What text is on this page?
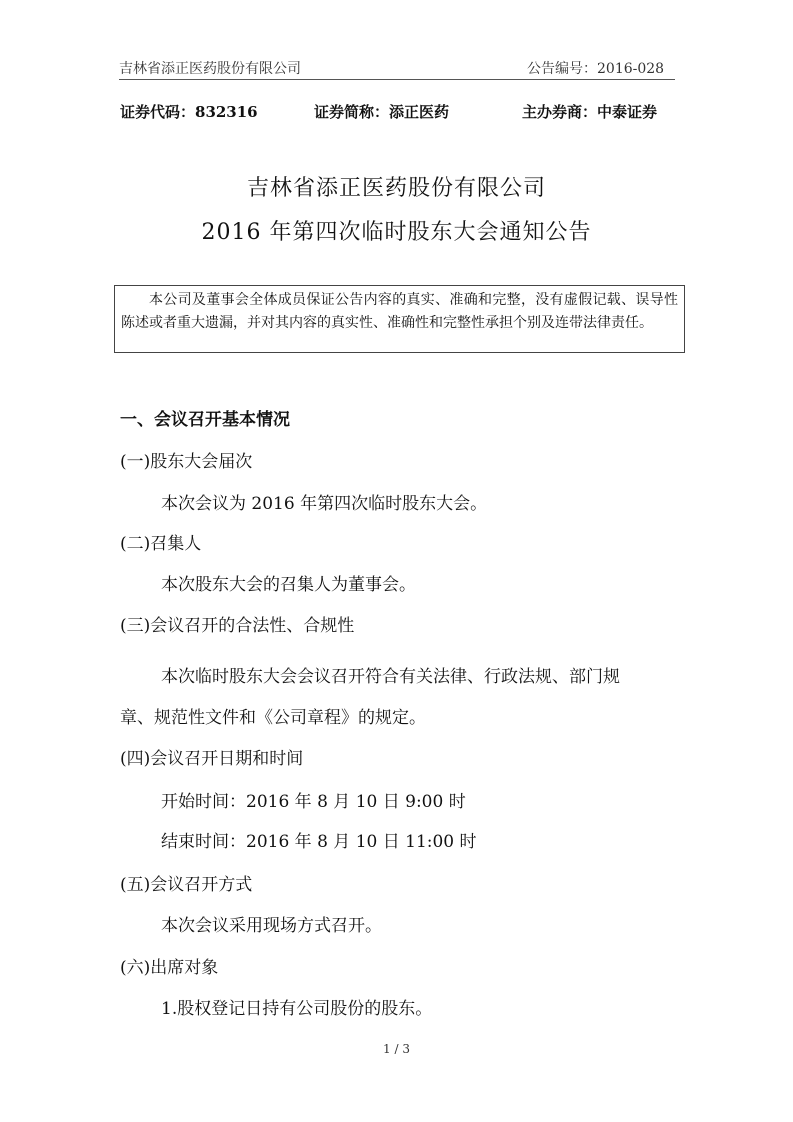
吉林省添正医药股份有限公司	公告编号：2016-028
证券代码：832316	证券简称：添正医药	主办券商：中泰证券
吉林省添正医药股份有限公司
2016 年第四次临时股东大会通知公告
本公司及董事会全体成员保证公告内容的真实、准确和完整，没有虚假记载、误导性陈述或者重大遗漏，并对其内容的真实性、准确性和完整性承担个别及连带法律责任。
一、会议召开基本情况
(一)股东大会届次
本次会议为 2016 年第四次临时股东大会。
(二)召集人
本次股东大会的召集人为董事会。
(三)会议召开的合法性、合规性
本次临时股东大会会议召开符合有关法律、行政法规、部门规
章、规范性文件和《公司章程》的规定。
(四)会议召开日期和时间
开始时间：2016 年 8 月 10 日 9:00 时
结束时间：2016 年 8 月 10 日 11:00 时
(五)会议召开方式
本次会议采用现场方式召开。
(六)出席对象
1.股权登记日持有公司股份的股东。
1 / 3
